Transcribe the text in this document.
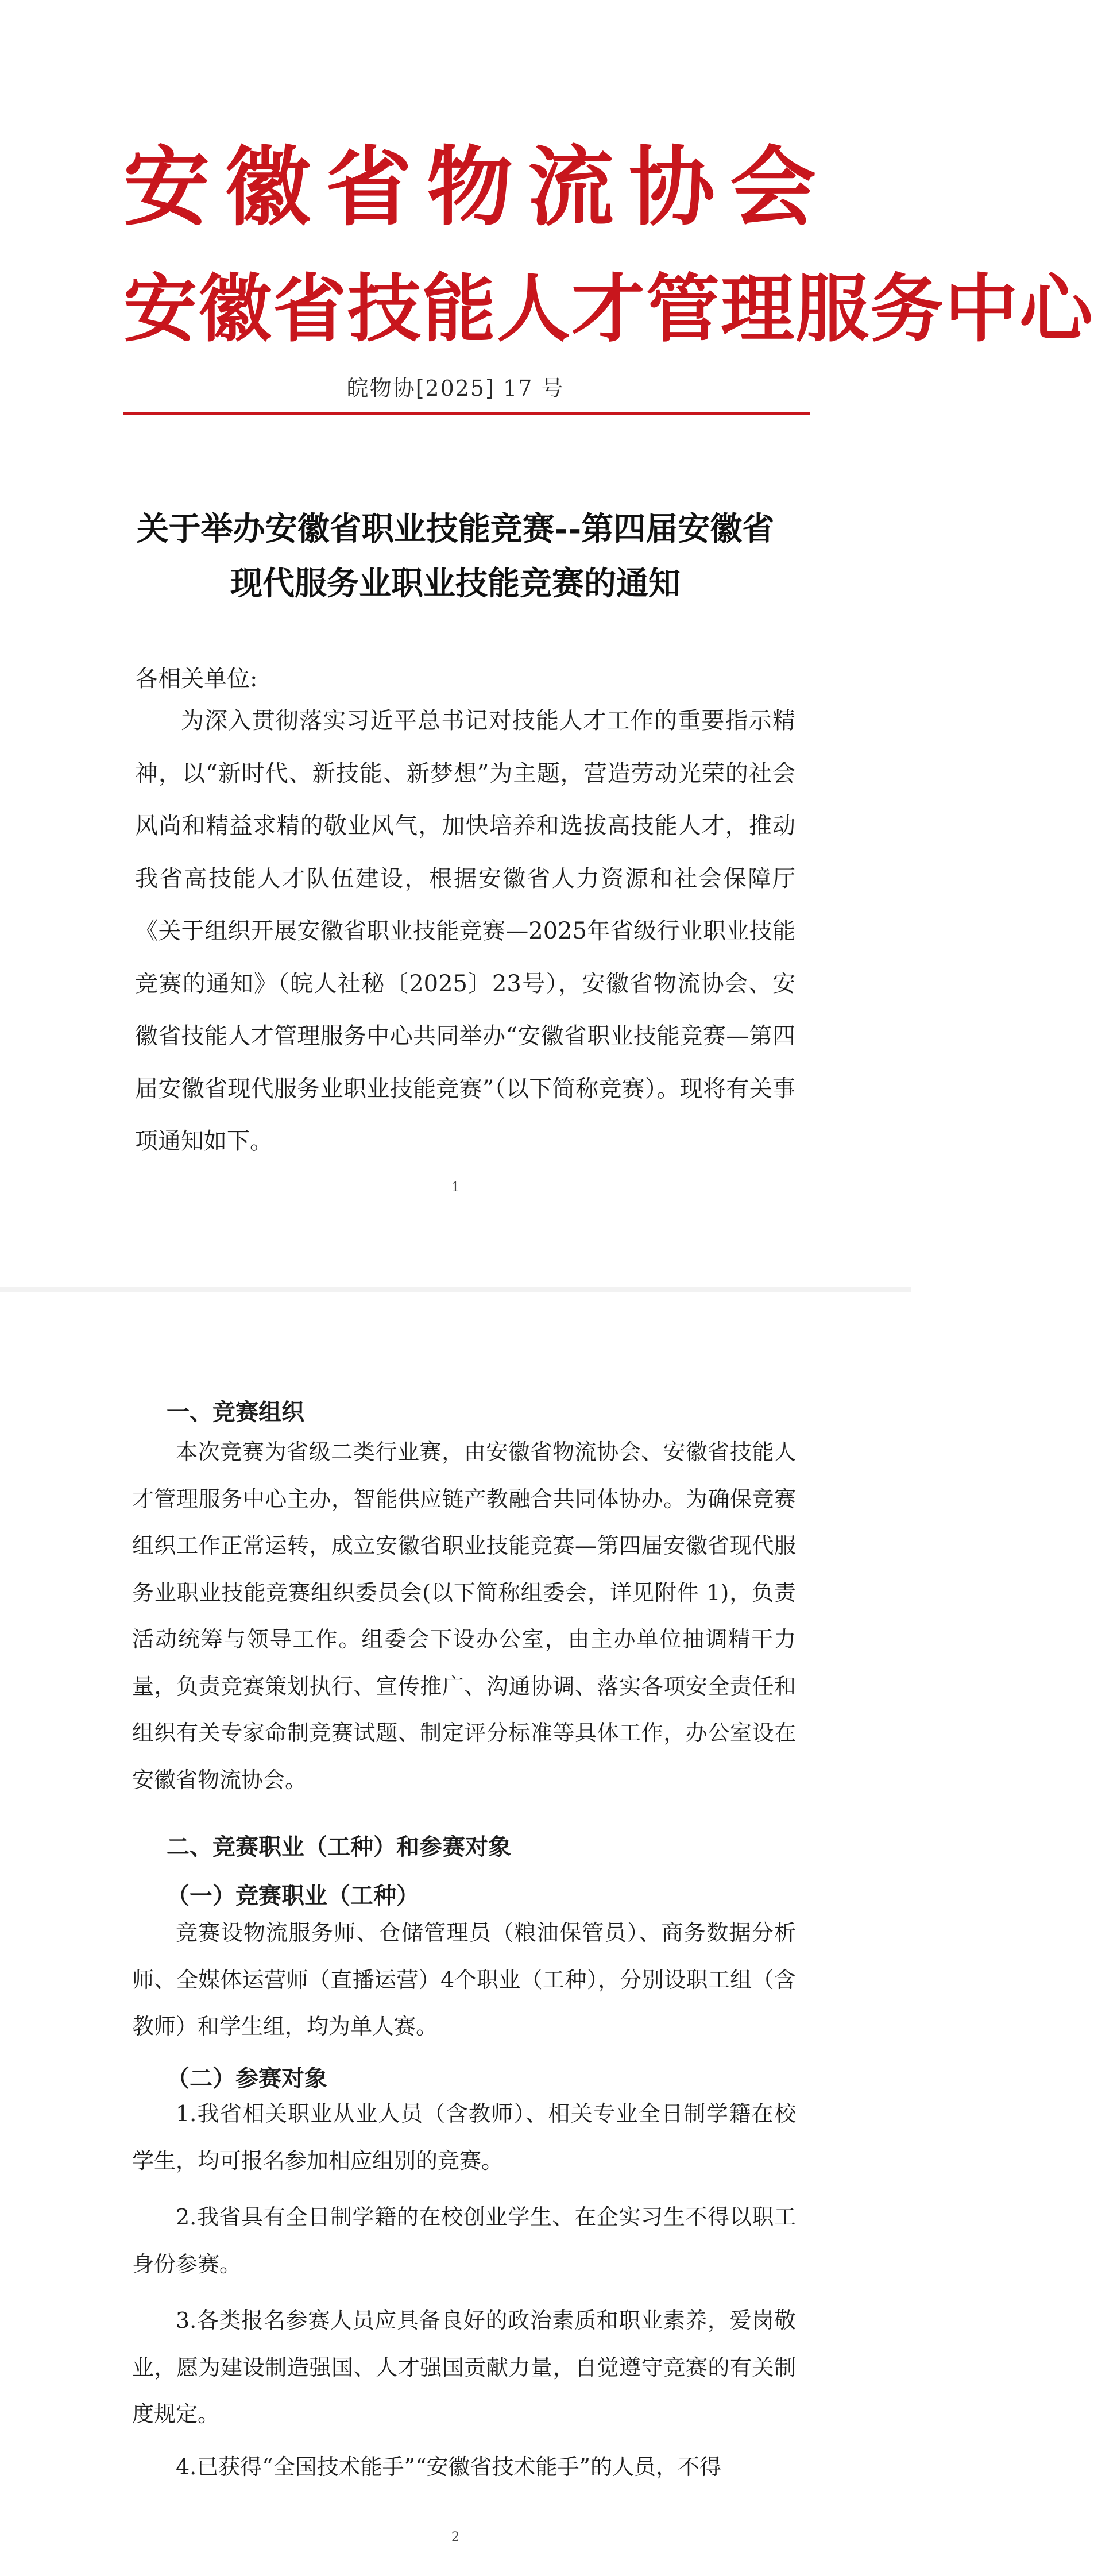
安徽省物流协会
安徽省技能人才管理服务中心
皖物协[2025] 17 号
关于举办安徽省职业技能竞赛--第四届安徽省
现代服务业职业技能竞赛的通知
各相关单位:

为深入贯彻落实习近平总书记对技能人才工作的重要指示精神，以“新时代、新技能、新梦想”为主题，营造劳动光荣的社会风尚和精益求精的敬业风气，加快培养和选拔高技能人才，推动我省高技能人才队伍建设，根据安徽省人力资源和社会保障厅《关于组织开展安徽省职业技能竞赛—2025年省级行业职业技能竞赛的通知》（皖人社秘〔2025〕23号），安徽省物流协会、安徽省技能人才管理服务中心共同举办“安徽省职业技能竞赛—第四届安徽省现代服务业职业技能竞赛”（以下简称竞赛）。现将有关事项通知如下。

1
一、竞赛组织

本次竞赛为省级二类行业赛，由安徽省物流协会、安徽省技能人才管理服务中心主办，智能供应链产教融合共同体协办。为确保竞赛组织工作正常运转，成立安徽省职业技能竞赛—第四届安徽省现代服务业职业技能竞赛组织委员会(以下简称组委会，详见附件 1)，负责活动统筹与领导工作。组委会下设办公室，由主办单位抽调精干力量，负责竞赛策划执行、宣传推广、沟通协调、落实各项安全责任和组织有关专家命制竞赛试题、制定评分标准等具体工作，办公室设在安徽省物流协会。

二、竞赛职业（工种）和参赛对象
（一）竞赛职业（工种）

竞赛设物流服务师、仓储管理员（粮油保管员）、商务数据分析师、全媒体运营师（直播运营）4个职业（工种），分别设职工组（含教师）和学生组，均为单人赛。

（二）参赛对象

1.我省相关职业从业人员（含教师）、相关专业全日制学籍在校学生，均可报名参加相应组别的竞赛。

2.我省具有全日制学籍的在校创业学生、在企实习生不得以职工身份参赛。

3.各类报名参赛人员应具备良好的政治素质和职业素养，爱岗敬业，愿为建设制造强国、人才强国贡献力量，自觉遵守竞赛的有关制度规定。

4.已获得“全国技术能手”“安徽省技术能手”的人员，不得

2
